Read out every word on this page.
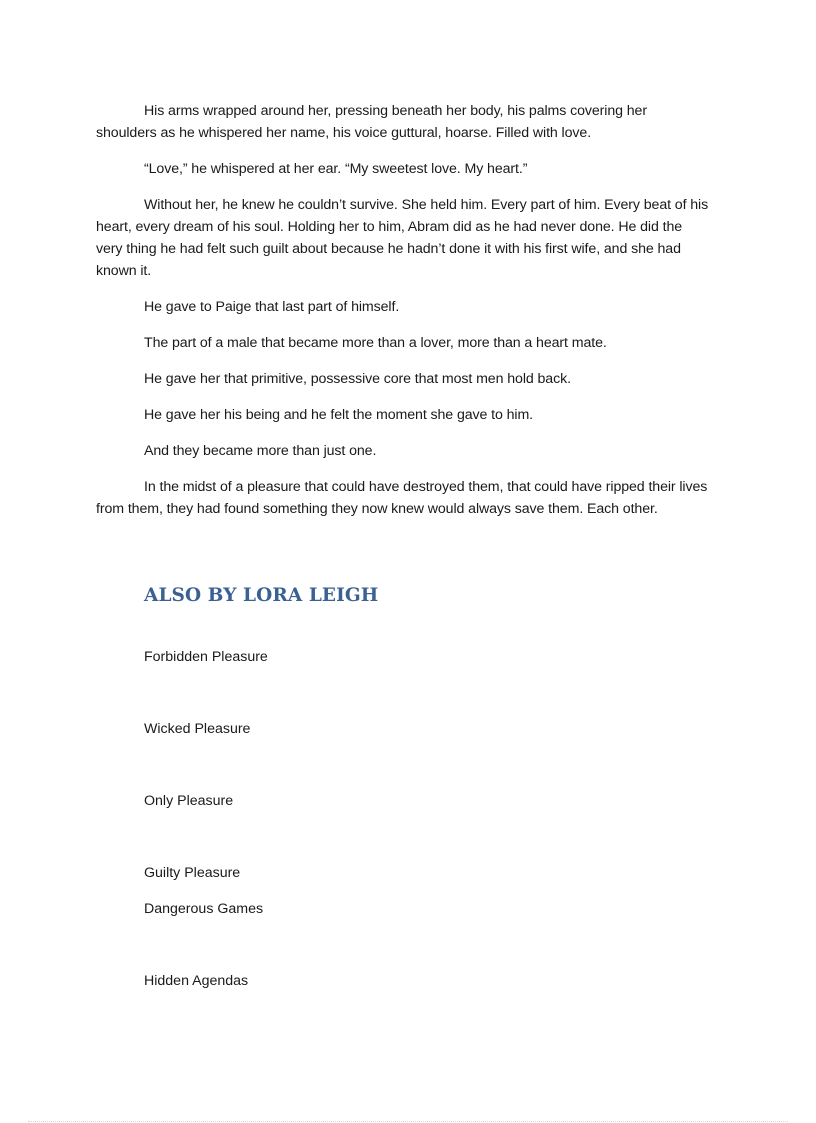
His arms wrapped around her, pressing beneath her body, his palms covering her shoulders as he whispered her name, his voice guttural, hoarse. Filled with love.

“Love,” he whispered at her ear. “My sweetest love. My heart.”

Without her, he knew he couldn’t survive. She held him. Every part of him. Every beat of his heart, every dream of his soul. Holding her to him, Abram did as he had never done. He did the very thing he had felt such guilt about because he hadn’t done it with his first wife, and she had known it.

He gave to Paige that last part of himself.

The part of a male that became more than a lover, more than a heart mate.

He gave her that primitive, possessive core that most men hold back.

He gave her his being and he felt the moment she gave to him.

And they became more than just one.

In the midst of a pleasure that could have destroyed them, that could have ripped their lives from them, they had found something they now knew would always save them. Each other.

ALSO BY LORA LEIGH

Forbidden Pleasure

Wicked Pleasure

Only Pleasure

Guilty Pleasure

Dangerous Games

Hidden Agendas
